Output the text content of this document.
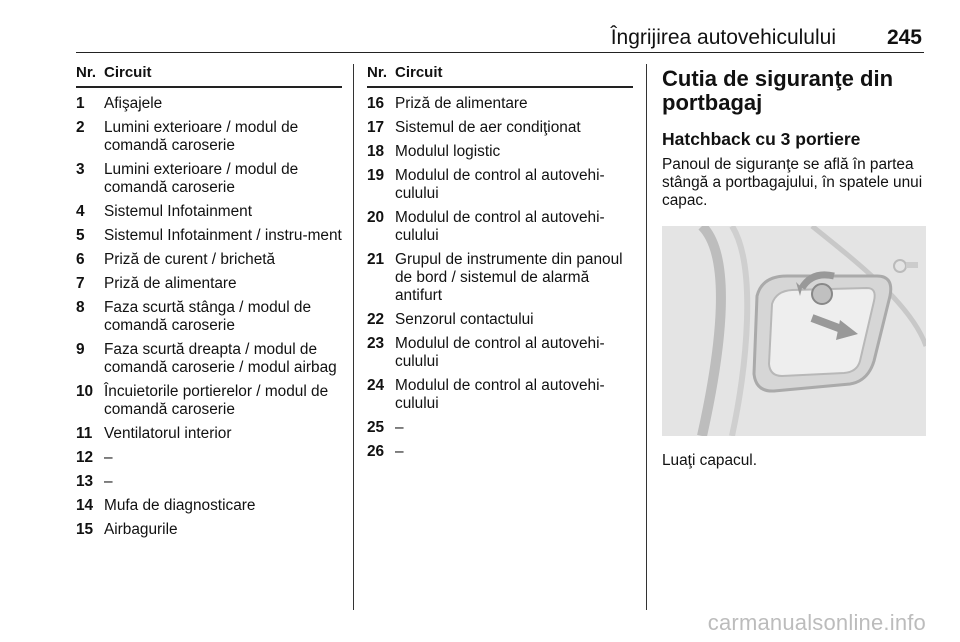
Îngrijirea autovehiculului 245
Nr. Circuit
1	Afişajele
2	Lumini exterioare / modul de comandă caroserie
3	Lumini exterioare / modul de comandă caroserie
4	Sistemul Infotainment
5	Sistemul Infotainment / instru‐ment
6	Priză de curent / brichetă
7	Priză de alimentare
8	Faza scurtă stânga / modul de comandă caroserie
9	Faza scurtă dreapta / modul de comandă caroserie / modul airbag
10 Încuietorile portierelor / modul de comandă caroserie
11 Ventilatorul interior
12 –
13 –
14 Mufa de diagnosticare
15 Airbagurile
Nr. Circuit
16 Priză de alimentare
17 Sistemul de aer condiţionat
18 Modulul logistic
19 Modulul de control al autovehi‐ culului
20 Modulul de control al autovehi‐ culului
21 Grupul de instrumente din panoul de bord / sistemul de alarmă antifurt
22 Senzorul contactului
23 Modulul de control al autovehi‐ culului
24 Modulul de control al autovehi‐ culului
25 –
26 –
Cutia de siguranţe din portbagaj
Hatchback cu 3 portiere
Panoul de siguranţe se află în partea stângă a portbagajului, în spatele unui capac.
Luaţi capacul.
carmanualsonline.info
